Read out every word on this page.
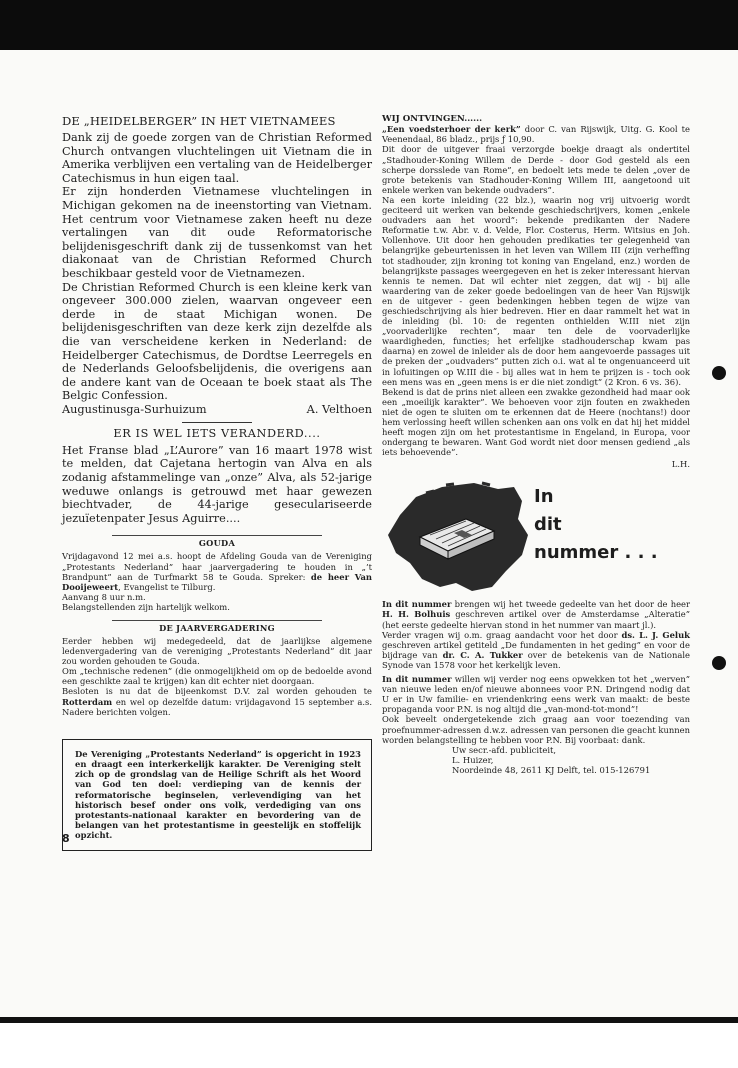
DE „HEIDELBERGER” IN HET VIETNAMEES

Dank zij de goede zorgen van de Christian Reformed Church ontvangen vluchtelingen uit Vietnam die in Amerika verblijven een vertaling van de Heidelberger Catechismus in hun eigen taal.

Er zijn honderden Vietnamese vluchtelingen in Michigan gekomen na de ineenstorting van Vietnam. Het centrum voor Vietnamese zaken heeft nu deze vertalingen van dit oude Reformatorische belijdenisgeschrift dank zij de tussenkomst van het diakonaat van de Christian Reformed Church beschikbaar gesteld voor de Vietnamezen.

De Christian Reformed Church is een kleine kerk van ongeveer 300.000 zielen, waarvan ongeveer een derde in de staat Michigan wonen. De belijdenisgeschriften van deze kerk zijn dezelfde als die van verscheidene kerken in Nederland: de Heidelberger Catechismus, de Dordtse Leerregels en de Nederlands Geloofsbelijdenis, die overigens aan de andere kant van de Oceaan te boek staat als The Belgic Confession.

Augustinusga-Surhuizum	A. Velthoen
ER IS WEL IETS VERANDERD....

Het Franse blad „L’Aurore” van 16 maart 1978 wist te melden, dat Cajetana hertogin van Alva en als zodanig afstammelinge van „onze” Alva, als 52-jarige weduwe onlangs is getrouwd met haar gewezen biechtvader, de 44-jarige geseculariseerde jezuïetenpater Jesus Aguirre....

GOUDA

Vrijdagavond 12 mei a.s. hoopt de Afdeling Gouda van de Vereniging „Protestants Nederland” haar jaarvergadering te houden in „’t Brandpunt” aan de Turfmarkt 58 te Gouda. Spreker: de heer Van Dooijeweert, Evangelist te Tilburg.

Aanvang 8 uur n.m.

Belangstellenden zijn hartelijk welkom.

DE JAARVERGADERING

Eerder hebben wij medegedeeld, dat de jaarlijkse algemene ledenvergadering van de vereniging „Protestants Nederland” dit jaar zou worden gehouden te Gouda.

Om „technische redenen” (die onmogelijkheid om op de bedoelde avond een geschikte zaal te krijgen) kan dit echter niet doorgaan.

Besloten is nu dat de bijeenkomst D.V. zal worden gehouden te Rotterdam en wel op dezelfde datum: vrijdagavond 15 september a.s. Nadere berichten volgen.

De Vereniging „Protestants Nederland” is opgericht in 1923 en draagt een interkerkelijk karakter. De Vereniging stelt zich op de grondslag van de Heilige Schrift als het Woord van God ten doel: verdieping van de kennis der reformatorische beginselen, verlevendiging van het historisch besef onder ons volk, verdediging van ons protestants-nationaal karakter en bevordering van de belangen van het protestantisme in geestelijk en stoffelijk opzicht.
8
WIJ ONTVINGEN......

„Een voedsterhoer der kerk” door C. van Rijswijk, Uitg. G. Kool te Veenendaal, 86 bladz., prijs ƒ 10,90.

Dit door de uitgever fraai verzorgde boekje draagt als ondertitel „Stadhouder-Koning Willem de Derde - door God gesteld als een scherpe dorsslede van Rome”, en bedoelt iets mede te delen „over de grote betekenis van Stadhouder-Koning Willem III, aangetoond uit enkele werken van bekende oudvaders”.

Na een korte inleiding (22 blz.), waarin nog vrij uitvoerig wordt geciteerd uit werken van bekende geschiedschrijvers, komen „enkele oudvaders aan het woord”: bekende predikanten der Nadere Reformatie t.w. Abr. v. d. Velde, Flor. Costerus, Herm. Witsius en Joh. Vollenhove. Uit door hen gehouden predikaties ter gelegenheid van belangrijke gebeurtenissen in het leven van Willem III (zijn verheffing tot stadhouder, zijn kroning tot koning van Engeland, enz.) worden de belangrijkste passages weergegeven en het is zeker interessant hiervan kennis te nemen. Dat wil echter niet zeggen, dat wij - bij alle waardering van de zeker goede bedoelingen van de heer Van Rijswijk en de uitgever - geen bedenkingen hebben tegen de wijze van geschiedschrijving als hier bedreven. Hier en daar rammelt het wat in de inleiding (bl. 10: de regenten onthielden W.III niet zijn „voorvaderlijke rechten”, maar ten dele de voorvaderlijke waardigheden, functies; het erfelijke stadhouderschap kwam pas daarna) en zowel de inleider als de door hem aangevoerde passages uit de preken der „oudvaders” putten zich o.i. wat al te ongenuanceerd uit in lofuitingen op W.III die - bij alles wat in hem te prijzen is - toch ook een mens was en „geen mens is er die niet zondigt” (2 Kron. 6 vs. 36).

Bekend is dat de prins niet alleen een zwakke gezondheid had maar ook een „moeilijk karakter”. We behoeven voor zijn fouten en zwakheden niet de ogen te sluiten om te erkennen dat de Heere (nochtans!) door hem verlossing heeft willen schenken aan ons volk en dat hij het middel heeft mogen zijn om het protestantisme in Engeland, in Europa, voor ondergang te bewaren. Want God wordt niet door mensen gediend „als iets behoevende”.

L.H.
In
dit
nummer . . .

In dit nummer brengen wij het tweede gedeelte van het door de heer H. H. Bolhuis geschreven artikel over de Amsterdamse „Alteratie” (het eerste gedeelte hiervan stond in het nummer van maart jl.).

Verder vragen wij o.m. graag aandacht voor het door ds. L. J. Geluk geschreven artikel getiteld „De fundamenten in het geding” en voor de bijdrage van dr. C. A. Tukker over de betekenis van de Nationale Synode van 1578 voor het kerkelijk leven.

In dit nummer willen wij verder nog eens opwekken tot het „werven” van nieuwe leden en/of nieuwe abonnees voor P.N. Dringend nodig dat U er in Uw familie- en vriendenkring eens werk van maakt: de beste propaganda voor P.N. is nog altijd die „van-mond-tot-mond”!

Ook beveelt ondergetekende zich graag aan voor toezending van proefnummer-adressen d.w.z. adressen van personen die geacht kunnen worden belangstelling te hebben voor P.N. Bij voorbaat: dank.

Uw secr.-afd. publiciteit,

L. Huizer,

Noordeinde 48, 2611 KJ Delft, tel. 015-126791
